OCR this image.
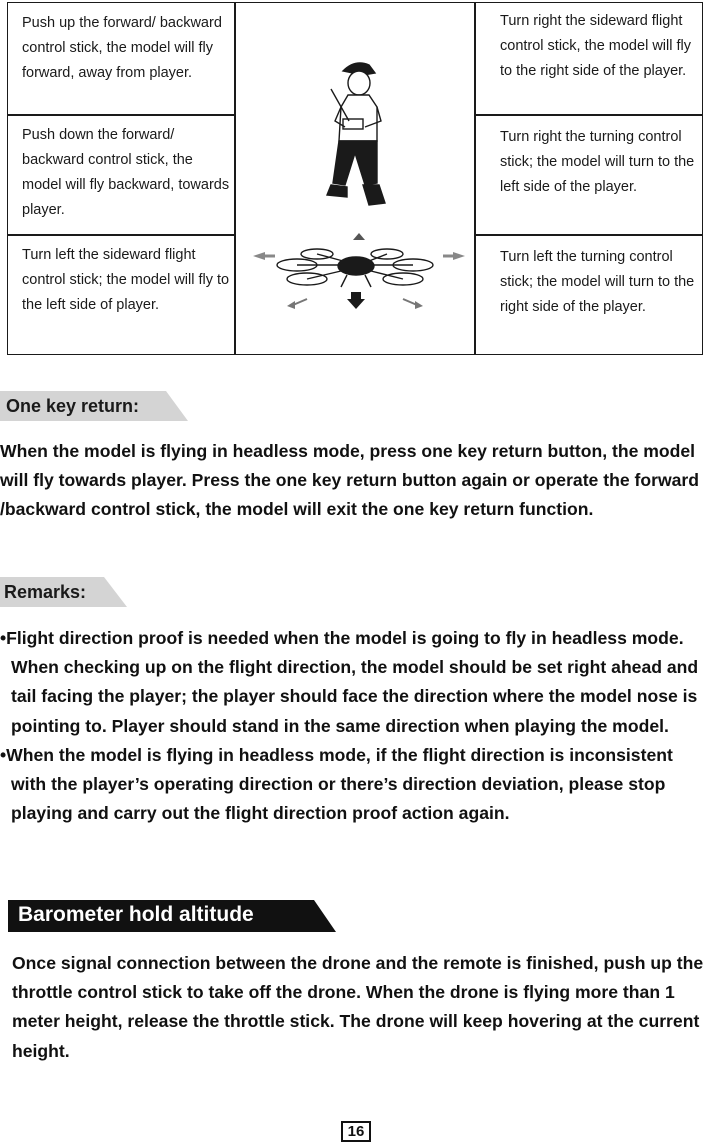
Push up the forward/ backward control stick, the model will fly forward, away from player.

Push down the forward/ backward control stick, the model will fly backward, towards player.

Turn left the sideward flight control stick; the model will fly to the left side of player.

Turn right the sideward flight control stick, the model will fly to the right side of the player.

Turn right the turning control stick; the model will turn to the left side of the player.

Turn left the turning control stick; the model will turn to the right side of the player.

One key return:

When the model is flying in headless mode, press one key return button, the model will fly towards player. Press the one key return button again or operate the forward /backward control stick, the model will exit the one key return function.

Remarks:

•Flight direction proof is needed when the model is going to fly in headless mode. When checking up on the flight direction, the model should be set right ahead and tail facing the player; the player should face the direction where the model nose is pointing to. Player should stand in the same direction when playing the model.

•When the model is flying in headless mode, if the flight direction is inconsistent with the player’s operating direction or there’s direction deviation, please stop playing and carry out the flight direction proof action again.

Barometer hold altitude

Once signal connection between the drone and the remote is finished, push up the throttle control stick to take off the drone. When the drone is flying more than 1 meter height, release the throttle stick. The drone will keep hovering at the current height.

16
